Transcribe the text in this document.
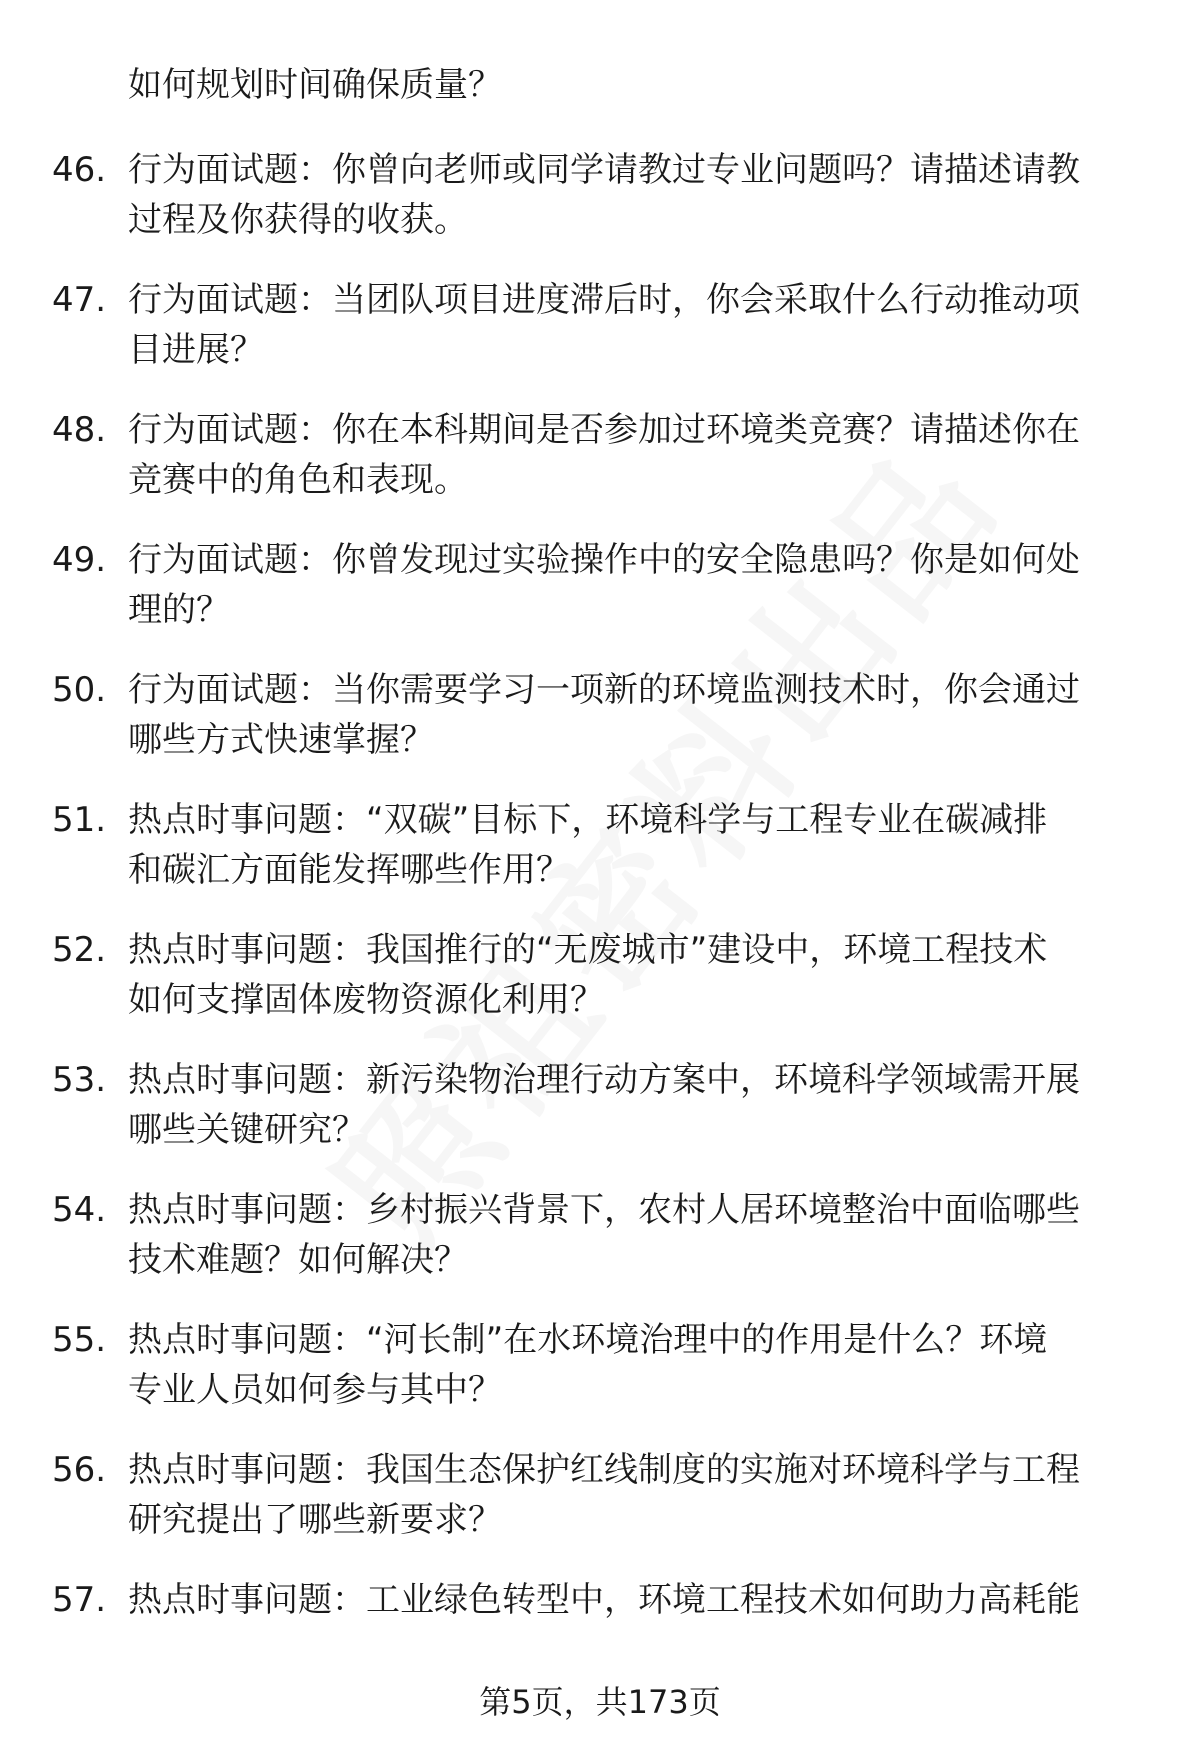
如何规划时间确保质量？
46. 行为面试题：你曾向老师或同学请教过专业问题吗？请描述请教
过程及你获得的收获。
47. 行为面试题：当团队项目进度滞后时，你会采取什么行动推动项
目进展？
48. 行为面试题：你在本科期间是否参加过环境类竞赛？请描述你在
竞赛中的角色和表现。
49. 行为面试题：你曾发现过实验操作中的安全隐患吗？你是如何处
理的？
50. 行为面试题：当你需要学习一项新的环境监测技术时，你会通过
哪些方式快速掌握？
51. 热点时事问题：“双碳”目标下，环境科学与工程专业在碳减排
和碳汇方面能发挥哪些作用？
52. 热点时事问题：我国推行的“无废城市”建设中，环境工程技术
如何支撑固体废物资源化利用？
53. 热点时事问题：新污染物治理行动方案中，环境科学领域需开展
哪些关键研究？
54. 热点时事问题：乡村振兴背景下，农村人居环境整治中面临哪些
技术难题？如何解决？
55. 热点时事问题：“河长制”在水环境治理中的作用是什么？环境
专业人员如何参与其中？
56. 热点时事问题：我国生态保护红线制度的实施对环境科学与工程
研究提出了哪些新要求？
57. 热点时事问题：工业绿色转型中，环境工程技术如何助力高耗能
第5页，共173页
